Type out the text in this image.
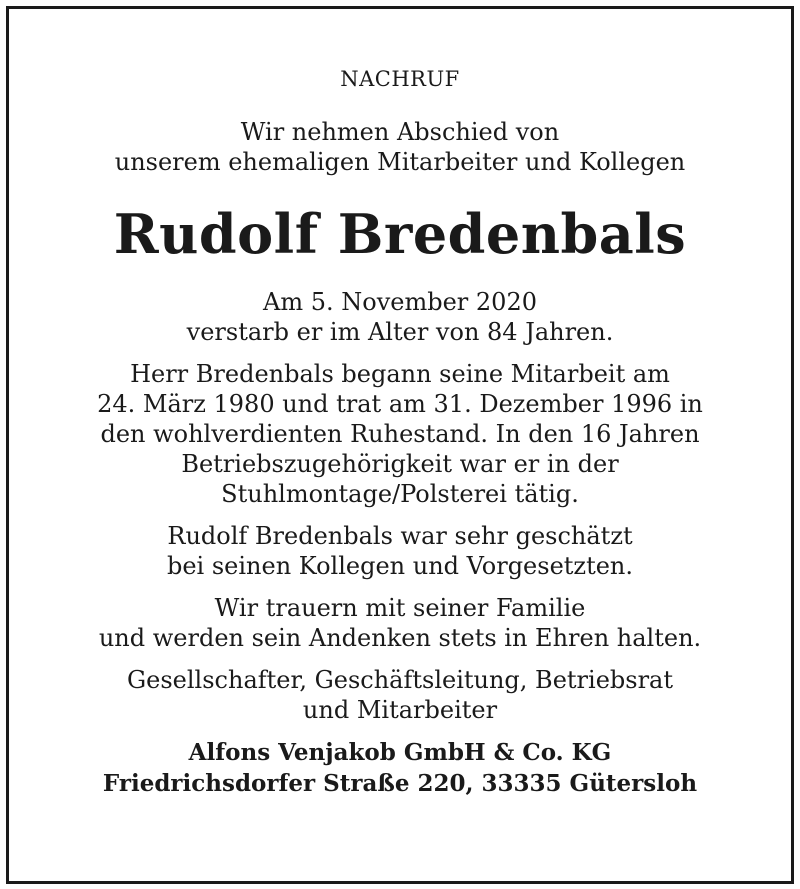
NACHRUF
Wir nehmen Abschied von
unserem ehemaligen Mitarbeiter und Kollegen
Rudolf Bredenbals
Am 5. November 2020
verstarb er im Alter von 84 Jahren.
Herr Bredenbals begann seine Mitarbeit am
24. März 1980 und trat am 31. Dezember 1996 in
den wohlverdienten Ruhestand. In den 16 Jahren
Betriebszugehörigkeit war er in der
Stuhlmontage/Polsterei tätig.
Rudolf Bredenbals war sehr geschätzt
bei seinen Kollegen und Vorgesetzten.
Wir trauern mit seiner Familie
und werden sein Andenken stets in Ehren halten.
Gesellschafter, Geschäftsleitung, Betriebsrat
und Mitarbeiter
Alfons Venjakob GmbH & Co. KG
Friedrichsdorfer Straße 220, 33335 Gütersloh
